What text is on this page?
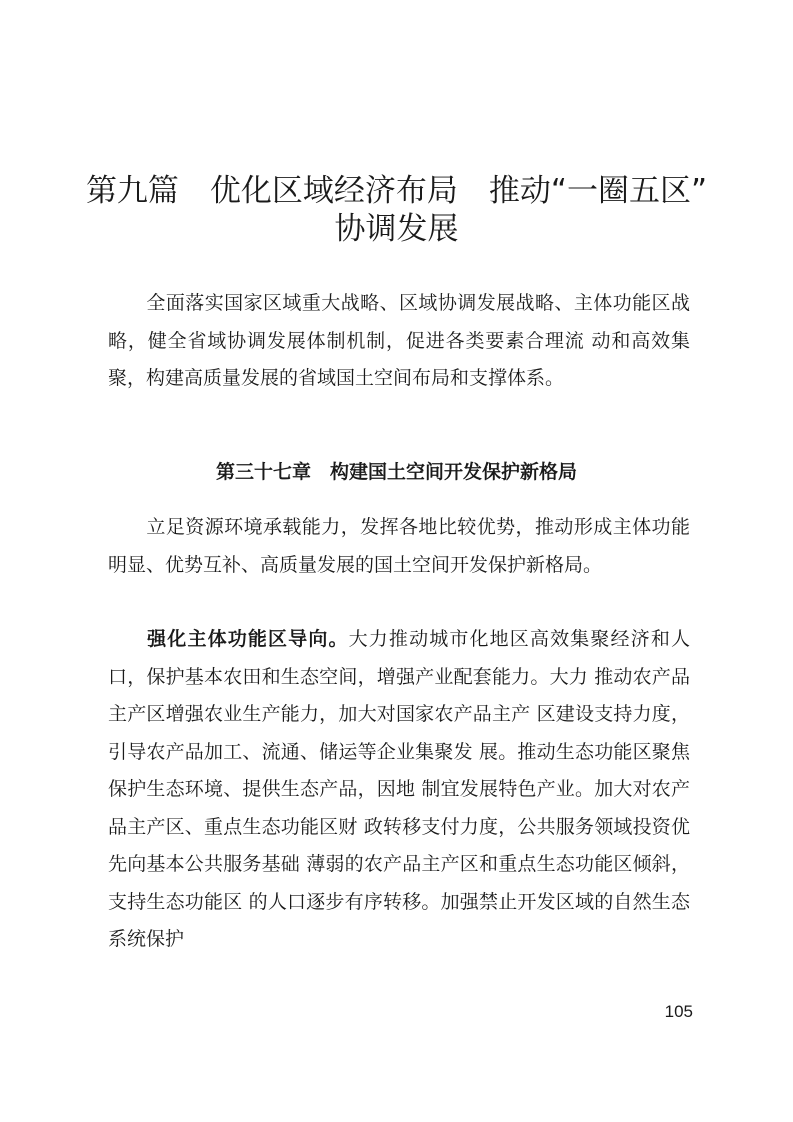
第九篇　优化区域经济布局　推动“一圈五区”
协调发展

全面落实国家区域重大战略、区域协调发展战略、主体功能区战略，健全省域协调发展体制机制，促进各类要素合理流 动和高效集聚，构建高质量发展的省域国土空间布局和支撑体系。

第三十七章　构建国土空间开发保护新格局

立足资源环境承载能力，发挥各地比较优势，推动形成主体功能明显、优势互补、高质量发展的国土空间开发保护新格局。

强化主体功能区导向。大力推动城市化地区高效集聚经济和人口，保护基本农田和生态空间，增强产业配套能力。大力 推动农产品主产区增强农业生产能力，加大对国家农产品主产 区建设支持力度，引导农产品加工、流通、储运等企业集聚发 展。推动生态功能区聚焦保护生态环境、提供生态产品，因地 制宜发展特色产业。加大对农产品主产区、重点生态功能区财 政转移支付力度，公共服务领域投资优先向基本公共服务基础 薄弱的农产品主产区和重点生态功能区倾斜，支持生态功能区 的人口逐步有序转移。加强禁止开发区域的自然生态系统保护

105
